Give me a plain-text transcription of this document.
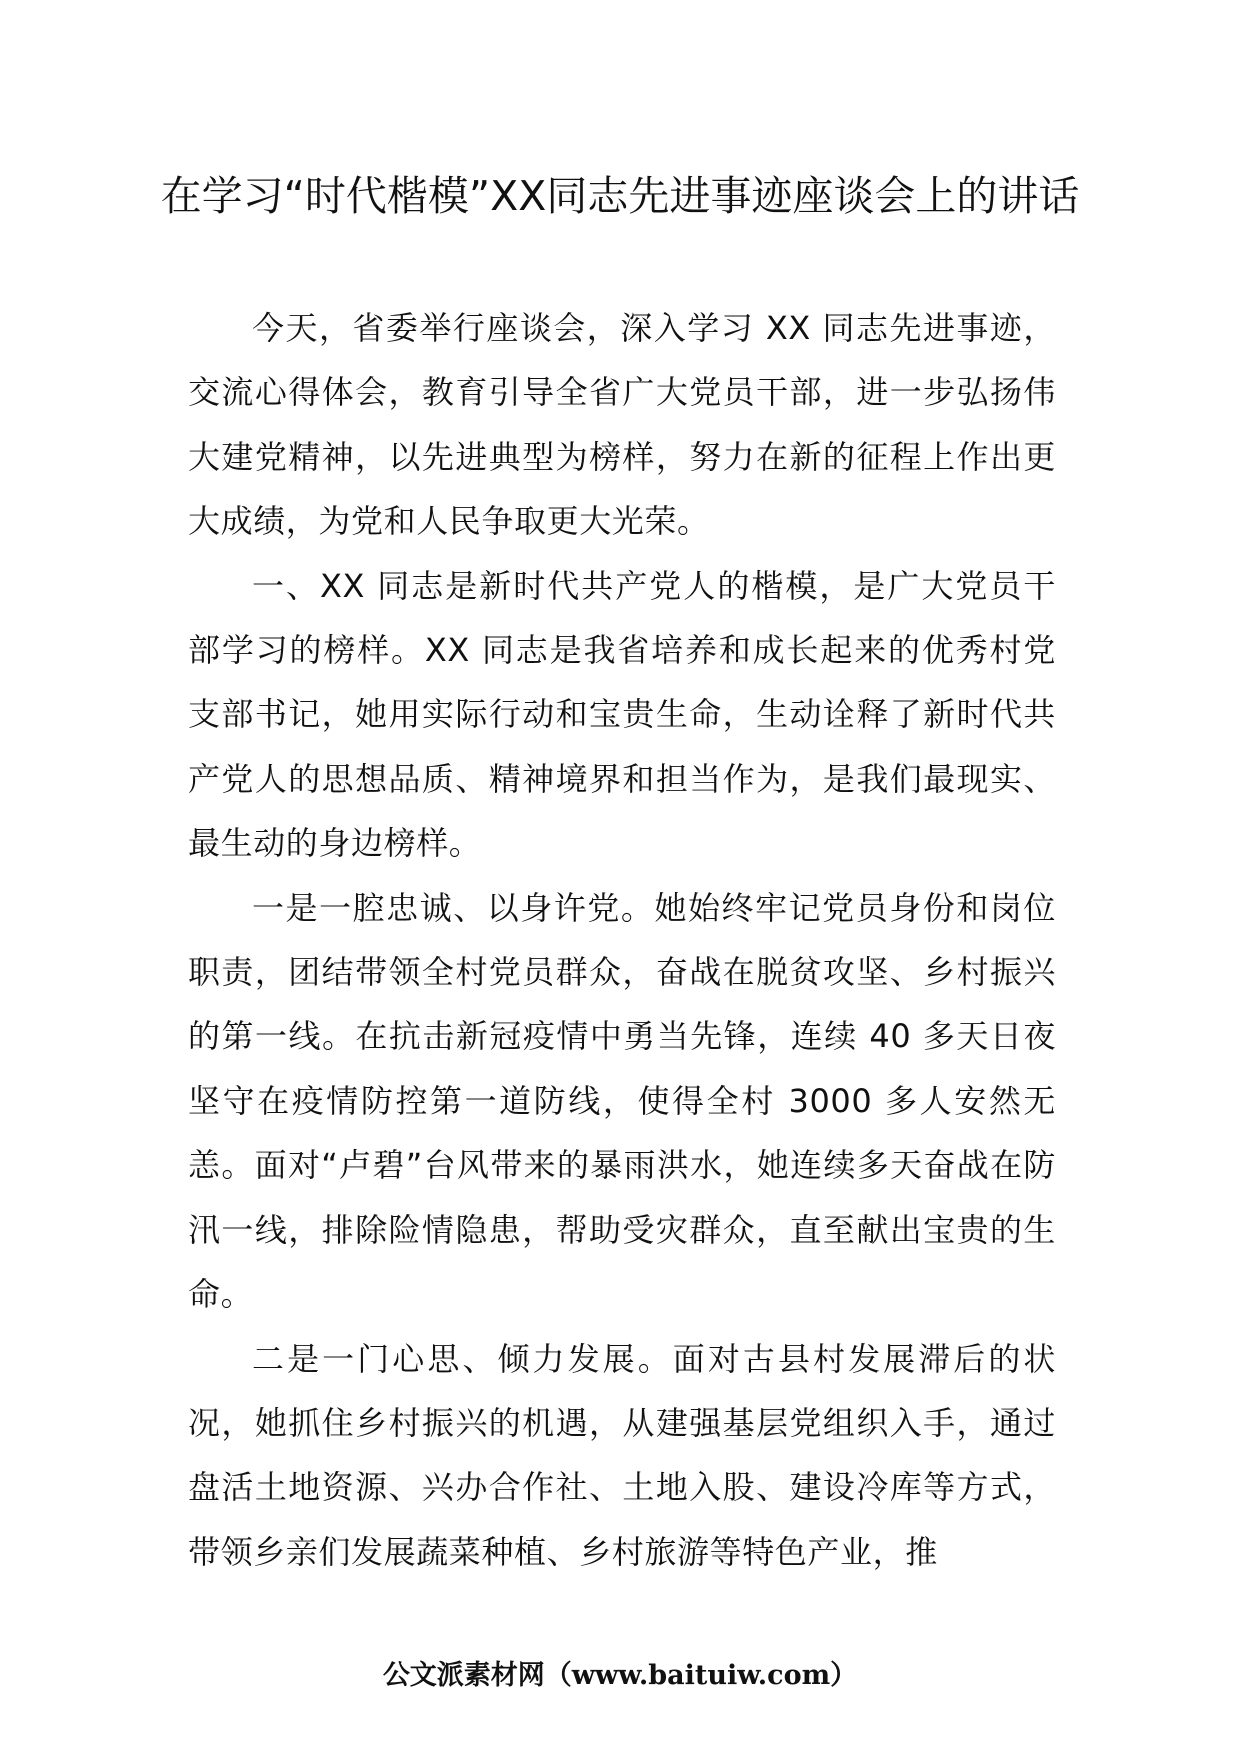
在学习“时代楷模”XX同志先进事迹座谈会上的讲话

今天，省委举行座谈会，深入学习 XX 同志先进事迹，交流心得体会，教育引导全省广大党员干部，进一步弘扬伟大建党精神，以先进典型为榜样，努力在新的征程上作出更大成绩，为党和人民争取更大光荣。

一、XX 同志是新时代共产党人的楷模，是广大党员干部学习的榜样。XX 同志是我省培养和成长起来的优秀村党支部书记，她用实际行动和宝贵生命，生动诠释了新时代共产党人的思想品质、精神境界和担当作为，是我们最现实、最生动的身边榜样。

一是一腔忠诚、以身许党。她始终牢记党员身份和岗位职责，团结带领全村党员群众，奋战在脱贫攻坚、乡村振兴的第一线。在抗击新冠疫情中勇当先锋，连续 40 多天日夜坚守在疫情防控第一道防线，使得全村 3000 多人安然无恙。面对“卢碧”台风带来的暴雨洪水，她连续多天奋战在防汛一线，排除险情隐患，帮助受灾群众，直至献出宝贵的生命。

二是一门心思、倾力发展。面对古县村发展滞后的状况，她抓住乡村振兴的机遇，从建强基层党组织入手，通过盘活土地资源、兴办合作社、土地入股、建设冷库等方式，带领乡亲们发展蔬菜种植、乡村旅游等特色产业，推

公文派素材网（www.baituiw.com）
